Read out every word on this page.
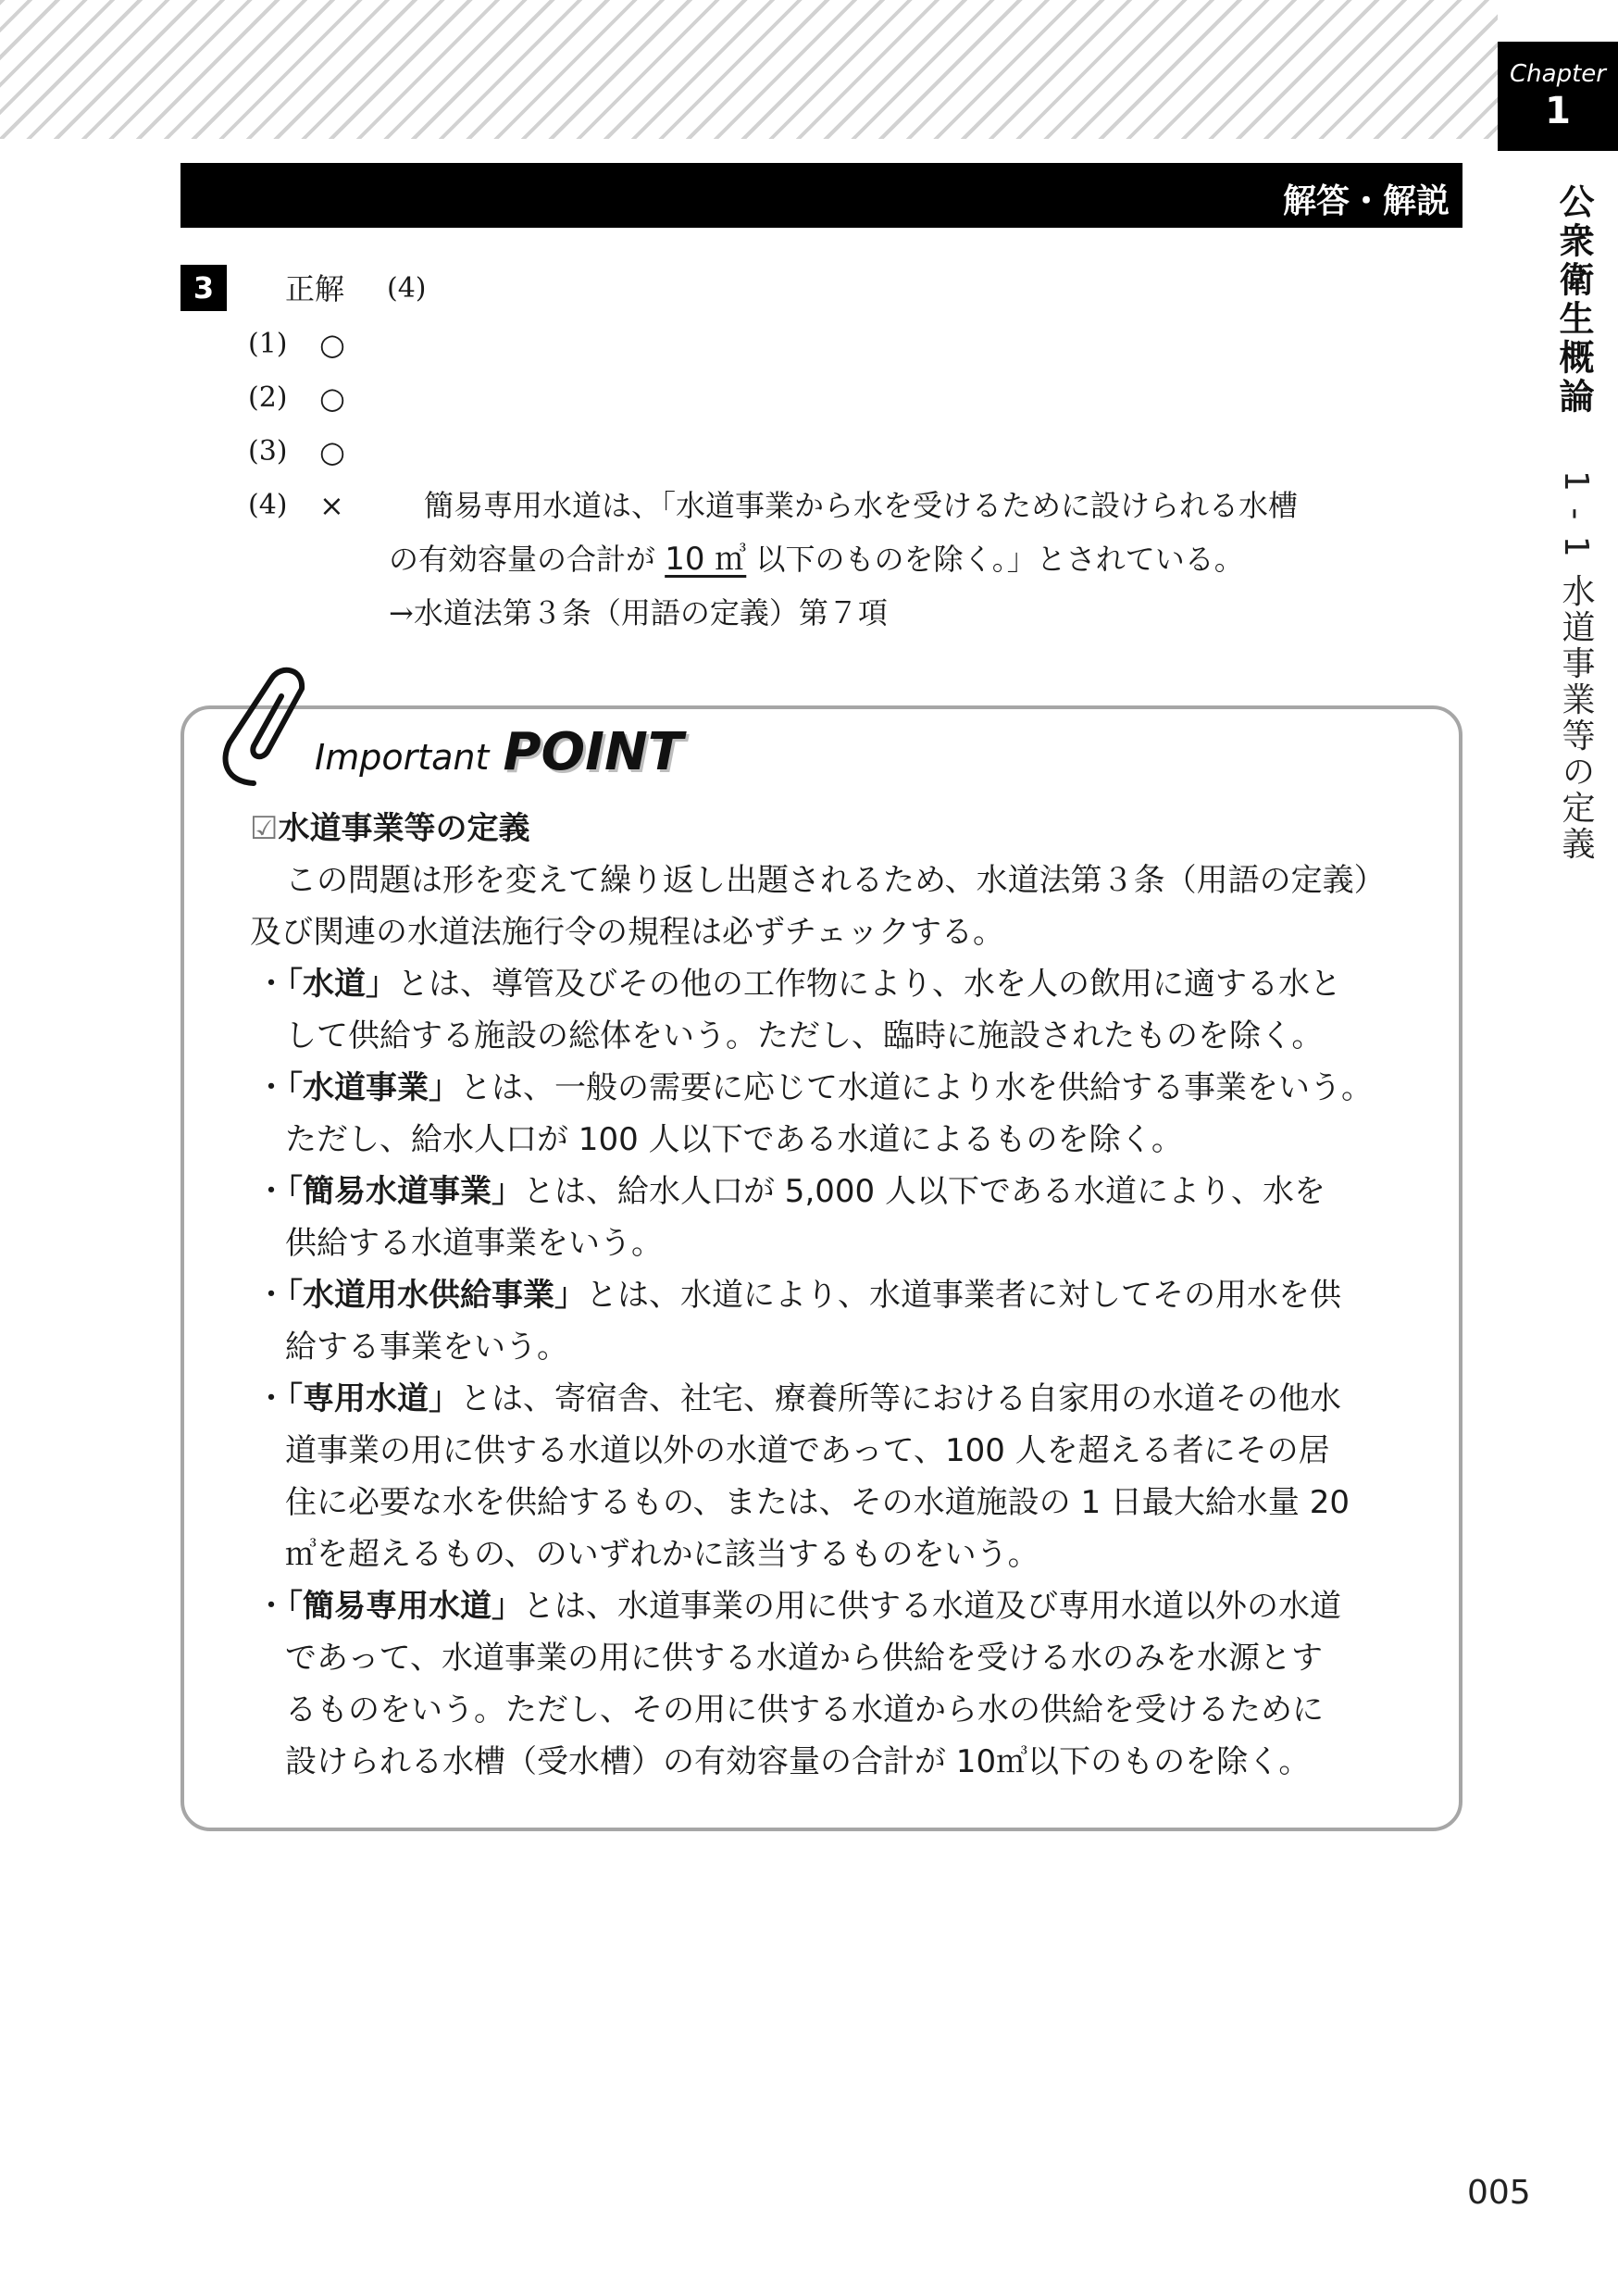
Chapter
1
公衆衛生概論
1 - 1 水道事業等の定義
解答・解説
3	正解 (4)
(1) ○
(2) ○
(3) ○
(4) ×	簡易専用水道は、「水道事業から水を受けるために設けられる水槽
の有効容量の合計が 10 ㎥ 以下のものを除く。」とされている。
→水道法第３条（用語の定義）第７項
Important POINT
☑水道事業等の定義
この問題は形を変えて繰り返し出題されるため、水道法第３条（用語の定義）
及び関連の水道法施行令の規程は必ずチェックする。
・「水道」とは、導管及びその他の工作物により、水を人の飲用に適する水と
して供給する施設の総体をいう。ただし、臨時に施設されたものを除く。
・「水道事業」とは、一般の需要に応じて水道により水を供給する事業をいう。
ただし、給水人口が 100 人以下である水道によるものを除く。
・「簡易水道事業」とは、給水人口が 5,000 人以下である水道により、水を
供給する水道事業をいう。
・「水道用水供給事業」とは、水道により、水道事業者に対してその用水を供
給する事業をいう。
・「専用水道」とは、寄宿舎、社宅、療養所等における自家用の水道その他水
道事業の用に供する水道以外の水道であって、100 人を超える者にその居
住に必要な水を供給するもの、または、その水道施設の 1 日最大給水量 20
㎥を超えるもの、のいずれかに該当するものをいう。
・「簡易専用水道」とは、水道事業の用に供する水道及び専用水道以外の水道
であって、水道事業の用に供する水道から供給を受ける水のみを水源とす
るものをいう。ただし、その用に供する水道から水の供給を受けるために
設けられる水槽（受水槽）の有効容量の合計が 10㎥以下のものを除く。
005
